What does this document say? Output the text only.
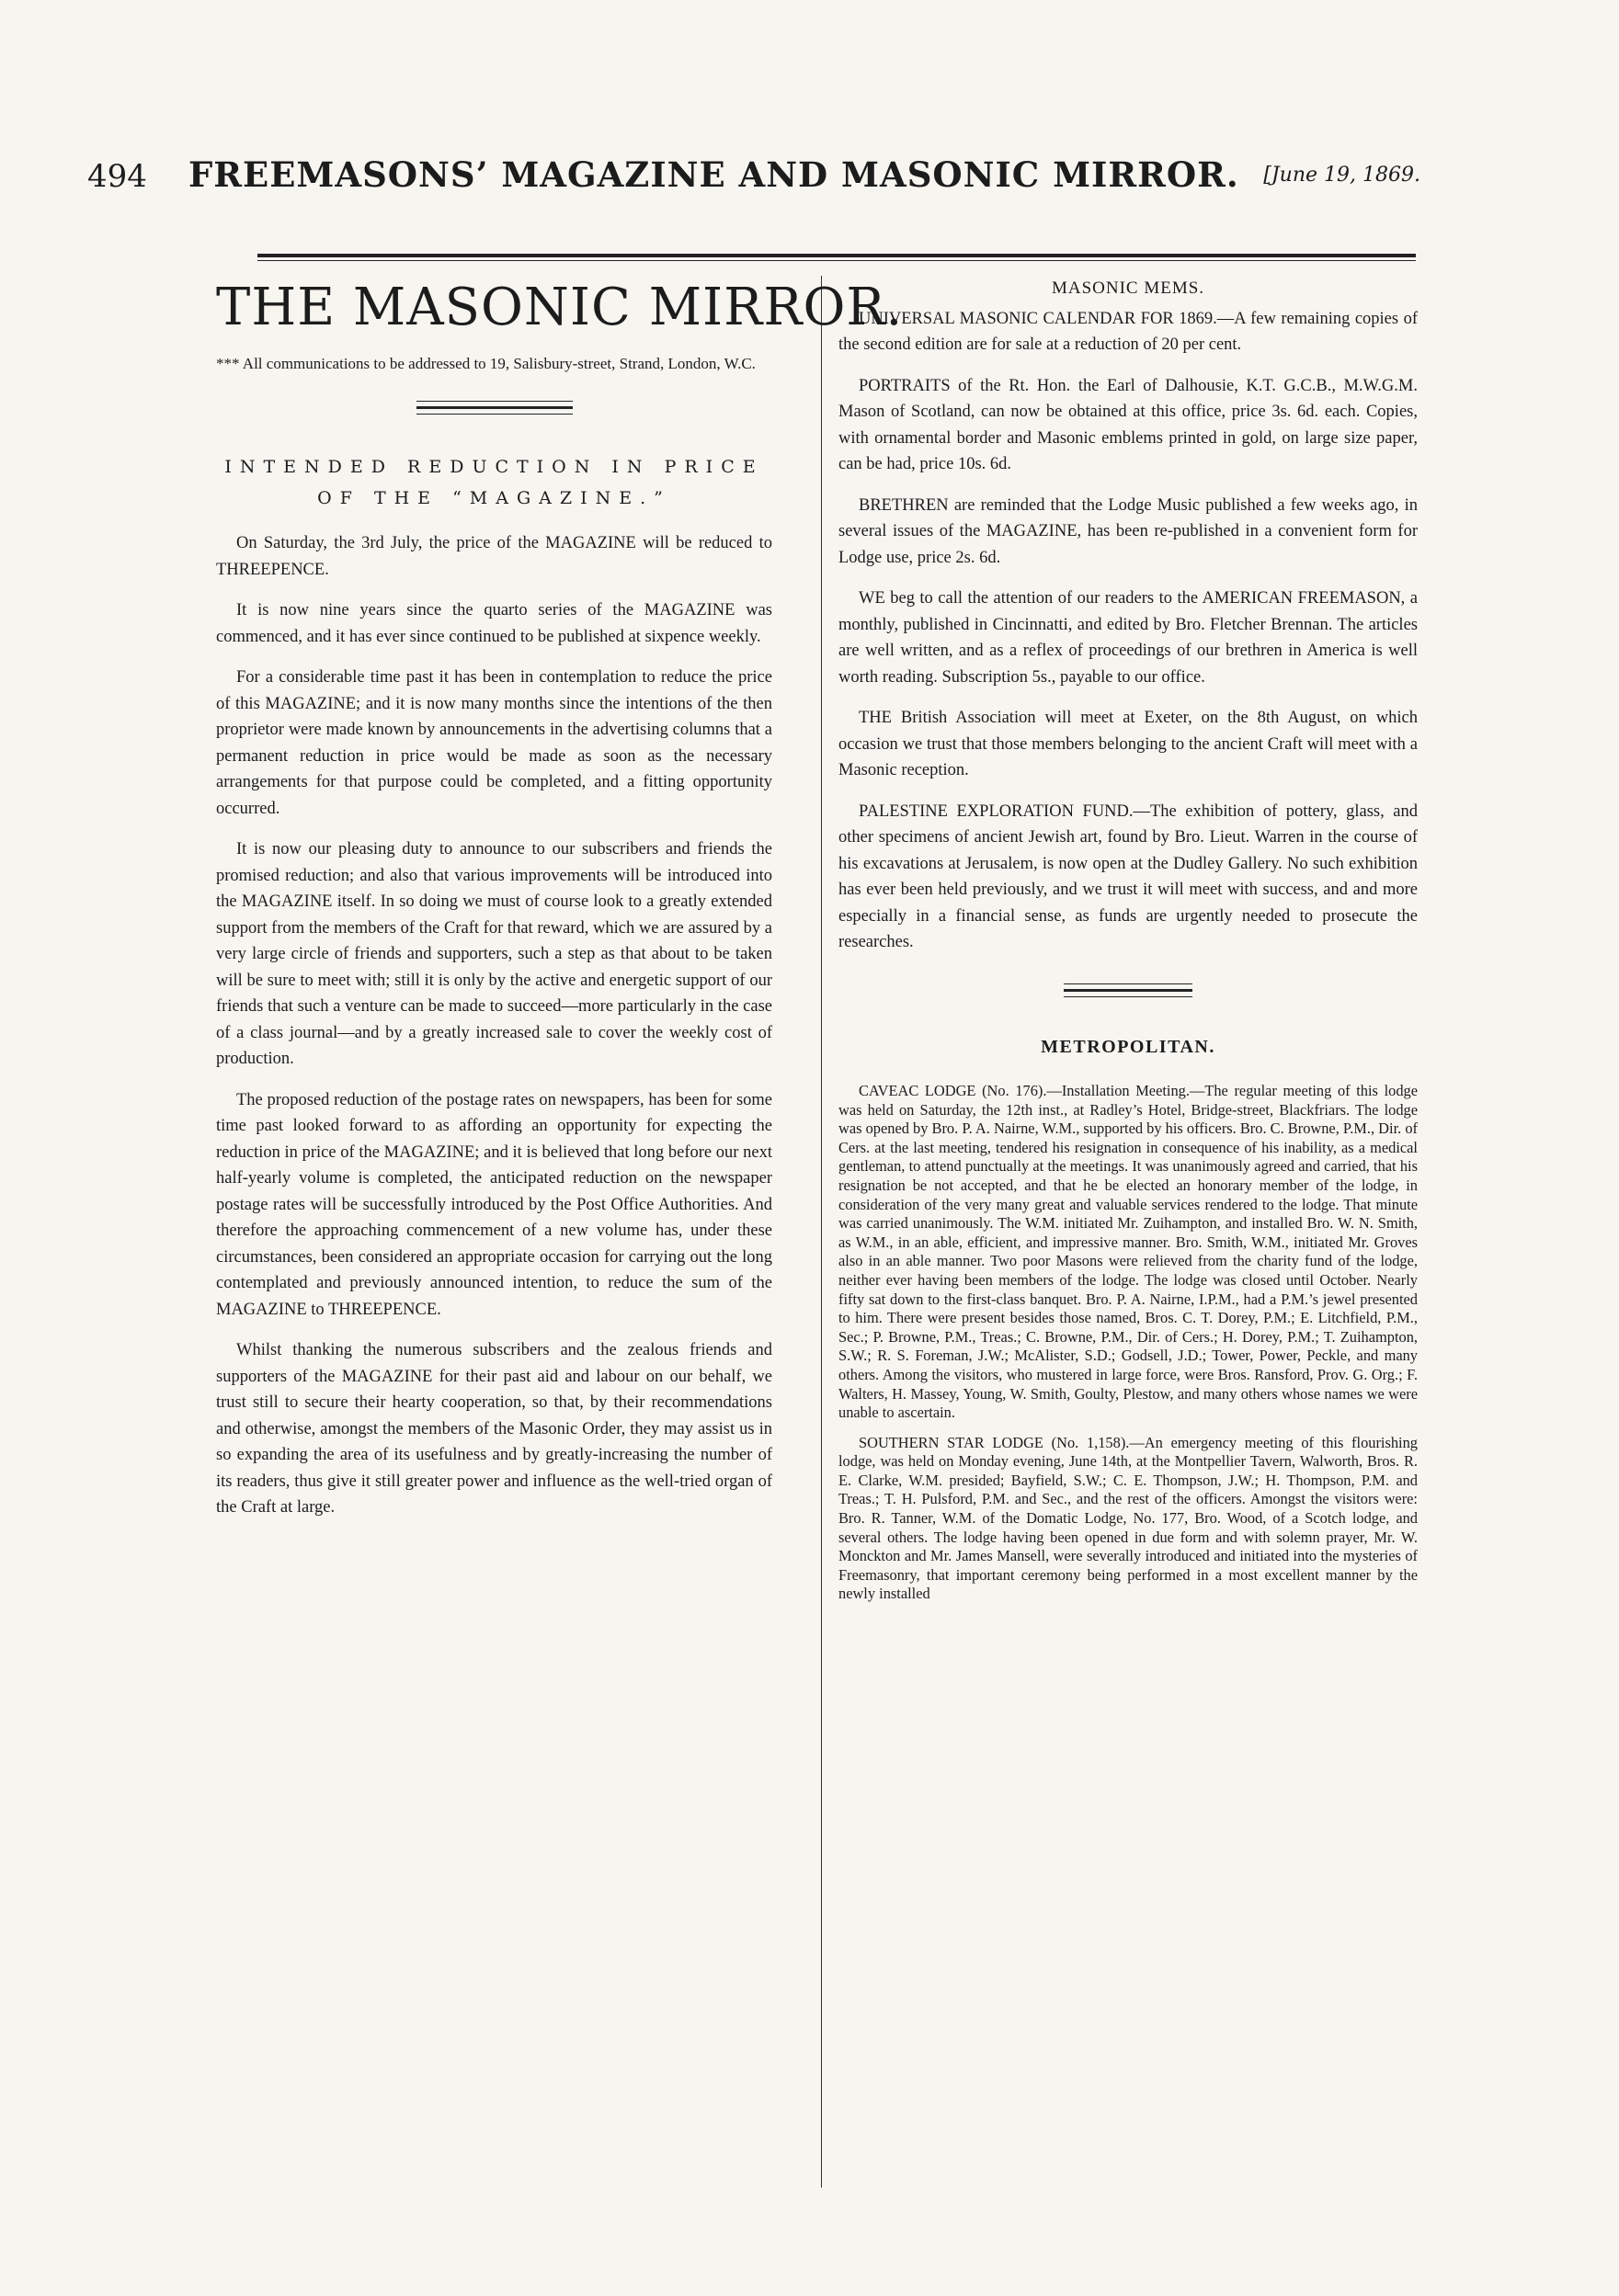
494 FREEMASONS’ MAGAZINE AND MASONIC MIRROR. [June 19, 1869.
THE MASONIC MIRROR.
*** All communications to be addressed to 19, Salisbury-street, Strand, London, W.C.
INTENDED REDUCTION IN PRICE OF THE “MAGAZINE.”

On Saturday, the 3rd July, the price of the MAGAZINE will be reduced to THREEPENCE.

It is now nine years since the quarto series of the MAGAZINE was commenced, and it has ever since continued to be published at sixpence weekly.

For a considerable time past it has been in contemplation to reduce the price of this MAGAZINE; and it is now many months since the intentions of the then proprietor were made known by announcements in the advertising columns that a permanent reduction in price would be made as soon as the necessary arrangements for that purpose could be completed, and a fitting opportunity occurred.

It is now our pleasing duty to announce to our subscribers and friends the promised reduction; and also that various improvements will be introduced into the MAGAZINE itself. In so doing we must of course look to a greatly extended support from the members of the Craft for that reward, which we are assured by a very large circle of friends and supporters, such a step as that about to be taken will be sure to meet with; still it is only by the active and energetic support of our friends that such a venture can be made to succeed—more particularly in the case of a class journal—and by a greatly increased sale to cover the weekly cost of production.

The proposed reduction of the postage rates on newspapers, has been for some time past looked forward to as affording an opportunity for expecting the reduction in price of the MAGAZINE; and it is believed that long before our next half-yearly volume is completed, the anticipated reduction on the newspaper postage rates will be successfully introduced by the Post Office Authorities. And therefore the approaching commencement of a new volume has, under these circumstances, been considered an appropriate occasion for carrying out the long contemplated and previously announced intention, to reduce the sum of the MAGAZINE to THREEPENCE.

Whilst thanking the numerous subscribers and the zealous friends and supporters of the MAGAZINE for their past aid and labour on our behalf, we trust still to secure their hearty cooperation, so that, by their recommendations and otherwise, amongst the members of the Masonic Order, they may assist us in so expanding the area of its usefulness and by greatly-increasing the number of its readers, thus give it still greater power and influence as the well-tried organ of the Craft at large.

MASONIC MEMS.

UNIVERSAL MASONIC CALENDAR FOR 1869.—A few remaining copies of the second edition are for sale at a reduction of 20 per cent.

PORTRAITS of the Rt. Hon. the Earl of Dalhousie, K.T. G.C.B., M.W.G.M. Mason of Scotland, can now be obtained at this office, price 3s. 6d. each. Copies, with ornamental border and Masonic emblems printed in gold, on large size paper, can be had, price 10s. 6d.

BRETHREN are reminded that the Lodge Music published a few weeks ago, in several issues of the MAGAZINE, has been re-published in a convenient form for Lodge use, price 2s. 6d.

WE beg to call the attention of our readers to the AMERICAN FREEMASON, a monthly, published in Cincinnatti, and edited by Bro. Fletcher Brennan. The articles are well written, and as a reflex of proceedings of our brethren in America is well worth reading. Subscription 5s., payable to our office.

THE British Association will meet at Exeter, on the 8th August, on which occasion we trust that those members belonging to the ancient Craft will meet with a Masonic reception.

PALESTINE EXPLORATION FUND.—The exhibition of pottery, glass, and other specimens of ancient Jewish art, found by Bro. Lieut. Warren in the course of his excavations at Jerusalem, is now open at the Dudley Gallery. No such exhibition has ever been held previously, and we trust it will meet with success, and and more especially in a financial sense, as funds are urgently needed to prosecute the researches.

METROPOLITAN.

CAVEAC LODGE (No. 176).—Installation Meeting.—The regular meeting of this lodge was held on Saturday, the 12th inst., at Radley’s Hotel, Bridge-street, Blackfriars. The lodge was opened by Bro. P. A. Nairne, W.M., supported by his officers. Bro. C. Browne, P.M., Dir. of Cers. at the last meeting, tendered his resignation in consequence of his inability, as a medical gentleman, to attend punctually at the meetings. It was unanimously agreed and carried, that his resignation be not accepted, and that he be elected an honorary member of the lodge, in consideration of the very many great and valuable services rendered to the lodge. That minute was carried unanimously. The W.M. initiated Mr. Zuihampton, and installed Bro. W. N. Smith, as W.M., in an able, efficient, and impressive manner. Bro. Smith, W.M., initiated Mr. Groves also in an able manner. Two poor Masons were relieved from the charity fund of the lodge, neither ever having been members of the lodge. The lodge was closed until October. Nearly fifty sat down to the first-class banquet. Bro. P. A. Nairne, I.P.M., had a P.M.’s jewel presented to him. There were present besides those named, Bros. C. T. Dorey, P.M.; E. Litchfield, P.M., Sec.; P. Browne, P.M., Treas.; C. Browne, P.M., Dir. of Cers.; H. Dorey, P.M.; T. Zuihampton, S.W.; R. S. Foreman, J.W.; McAlister, S.D.; Godsell, J.D.; Tower, Power, Peckle, and many others. Among the visitors, who mustered in large force, were Bros. Ransford, Prov. G. Org.; F. Walters, H. Massey, Young, W. Smith, Goulty, Plestow, and many others whose names we were unable to ascertain.

SOUTHERN STAR LODGE (No. 1,158).—An emergency meeting of this flourishing lodge, was held on Monday evening, June 14th, at the Montpellier Tavern, Walworth, Bros. R. E. Clarke, W.M. presided; Bayfield, S.W.; C. E. Thompson, J.W.; H. Thompson, P.M. and Treas.; T. H. Pulsford, P.M. and Sec., and the rest of the officers. Amongst the visitors were: Bro. R. Tanner, W.M. of the Domatic Lodge, No. 177, Bro. Wood, of a Scotch lodge, and several others. The lodge having been opened in due form and with solemn prayer, Mr. W. Monckton and Mr. James Mansell, were severally introduced and initiated into the mysteries of Freemasonry, that important ceremony being performed in a most excellent manner by the newly installed
